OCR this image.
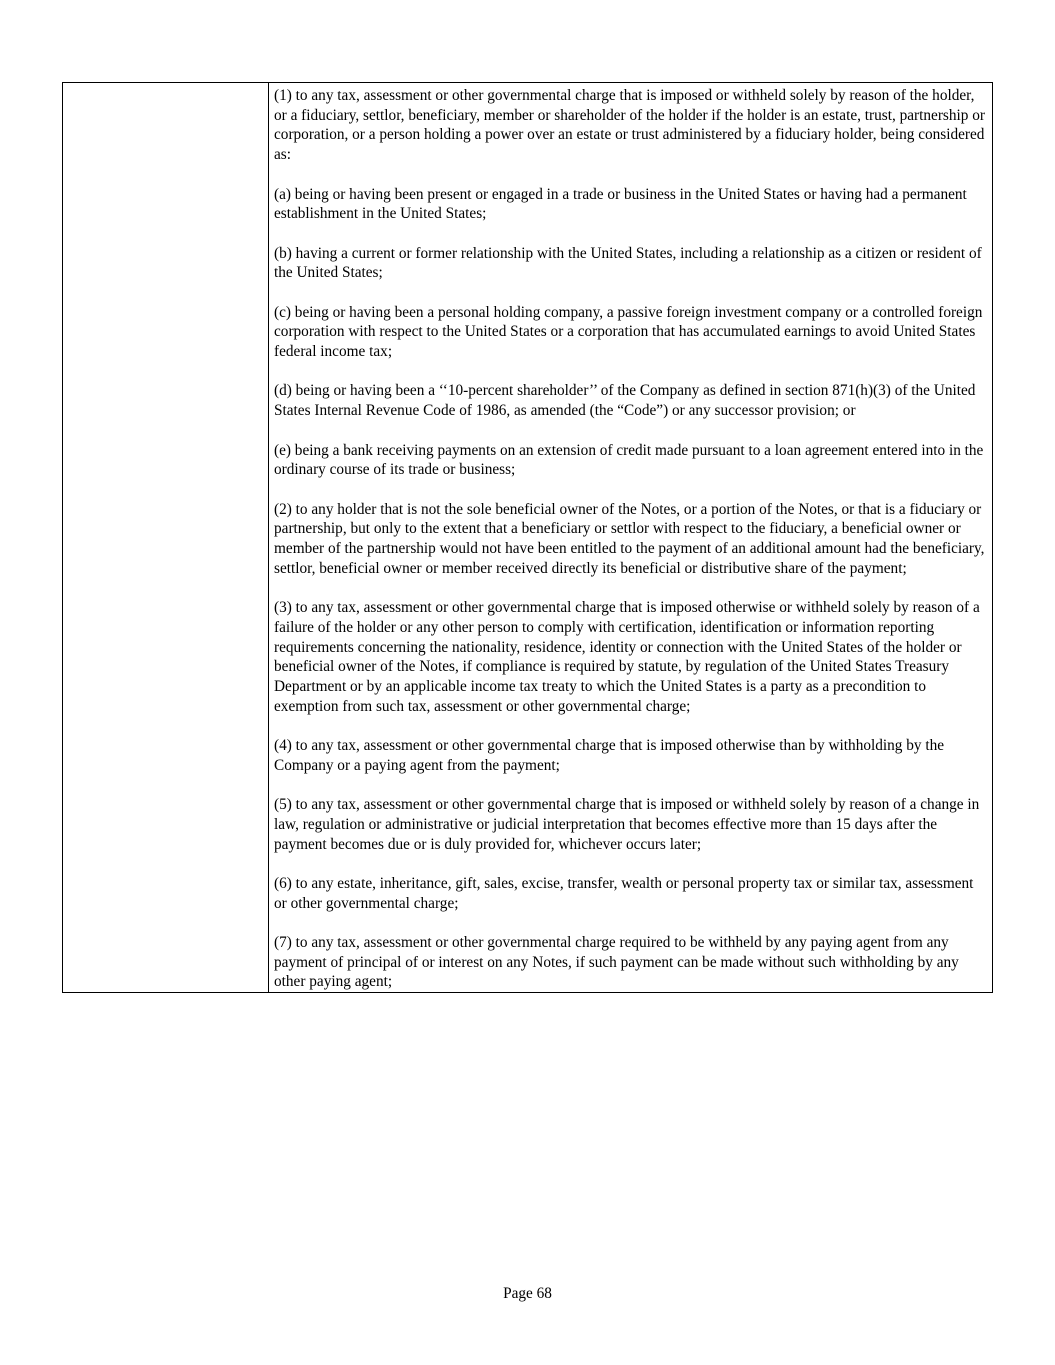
(1) to any tax, assessment or other governmental charge that is imposed or withheld solely by reason of the holder, or a fiduciary, settlor, beneficiary, member or shareholder of the holder if the holder is an estate, trust, partnership or corporation, or a person holding a power over an estate or trust administered by a fiduciary holder, being considered as:

(a) being or having been present or engaged in a trade or business in the United States or having had a permanent establishment in the United States;

(b) having a current or former relationship with the United States, including a relationship as a citizen or resident of the United States;

(c) being or having been a personal holding company, a passive foreign investment company or a controlled foreign corporation with respect to the United States or a corporation that has accumulated earnings to avoid United States federal income tax;

(d) being or having been a ‘‘10-percent shareholder’’ of the Company as defined in section 871(h)(3) of the United States Internal Revenue Code of 1986, as amended (the “Code”) or any successor provision; or

(e) being a bank receiving payments on an extension of credit made pursuant to a loan agreement entered into in the ordinary course of its trade or business;

(2) to any holder that is not the sole beneficial owner of the Notes, or a portion of the Notes, or that is a fiduciary or partnership, but only to the extent that a beneficiary or settlor with respect to the fiduciary, a beneficial owner or member of the partnership would not have been entitled to the payment of an additional amount had the beneficiary, settlor, beneficial owner or member received directly its beneficial or distributive share of the payment;

(3) to any tax, assessment or other governmental charge that is imposed otherwise or withheld solely by reason of a failure of the holder or any other person to comply with certification, identification or information reporting requirements concerning the nationality, residence, identity or connection with the United States of the holder or beneficial owner of the Notes, if compliance is required by statute, by regulation of the United States Treasury Department or by an applicable income tax treaty to which the United States is a party as a precondition to exemption from such tax, assessment or other governmental charge;

(4) to any tax, assessment or other governmental charge that is imposed otherwise than by withholding by the Company or a paying agent from the payment;

(5) to any tax, assessment or other governmental charge that is imposed or withheld solely by reason of a change in law, regulation or administrative or judicial interpretation that becomes effective more than 15 days after the payment becomes due or is duly provided for, whichever occurs later;

(6) to any estate, inheritance, gift, sales, excise, transfer, wealth or personal property tax or similar tax, assessment or other governmental charge;

(7) to any tax, assessment or other governmental charge required to be withheld by any paying agent from any payment of principal of or interest on any Notes, if such payment can be made without such withholding by any other paying agent;

Page 68
